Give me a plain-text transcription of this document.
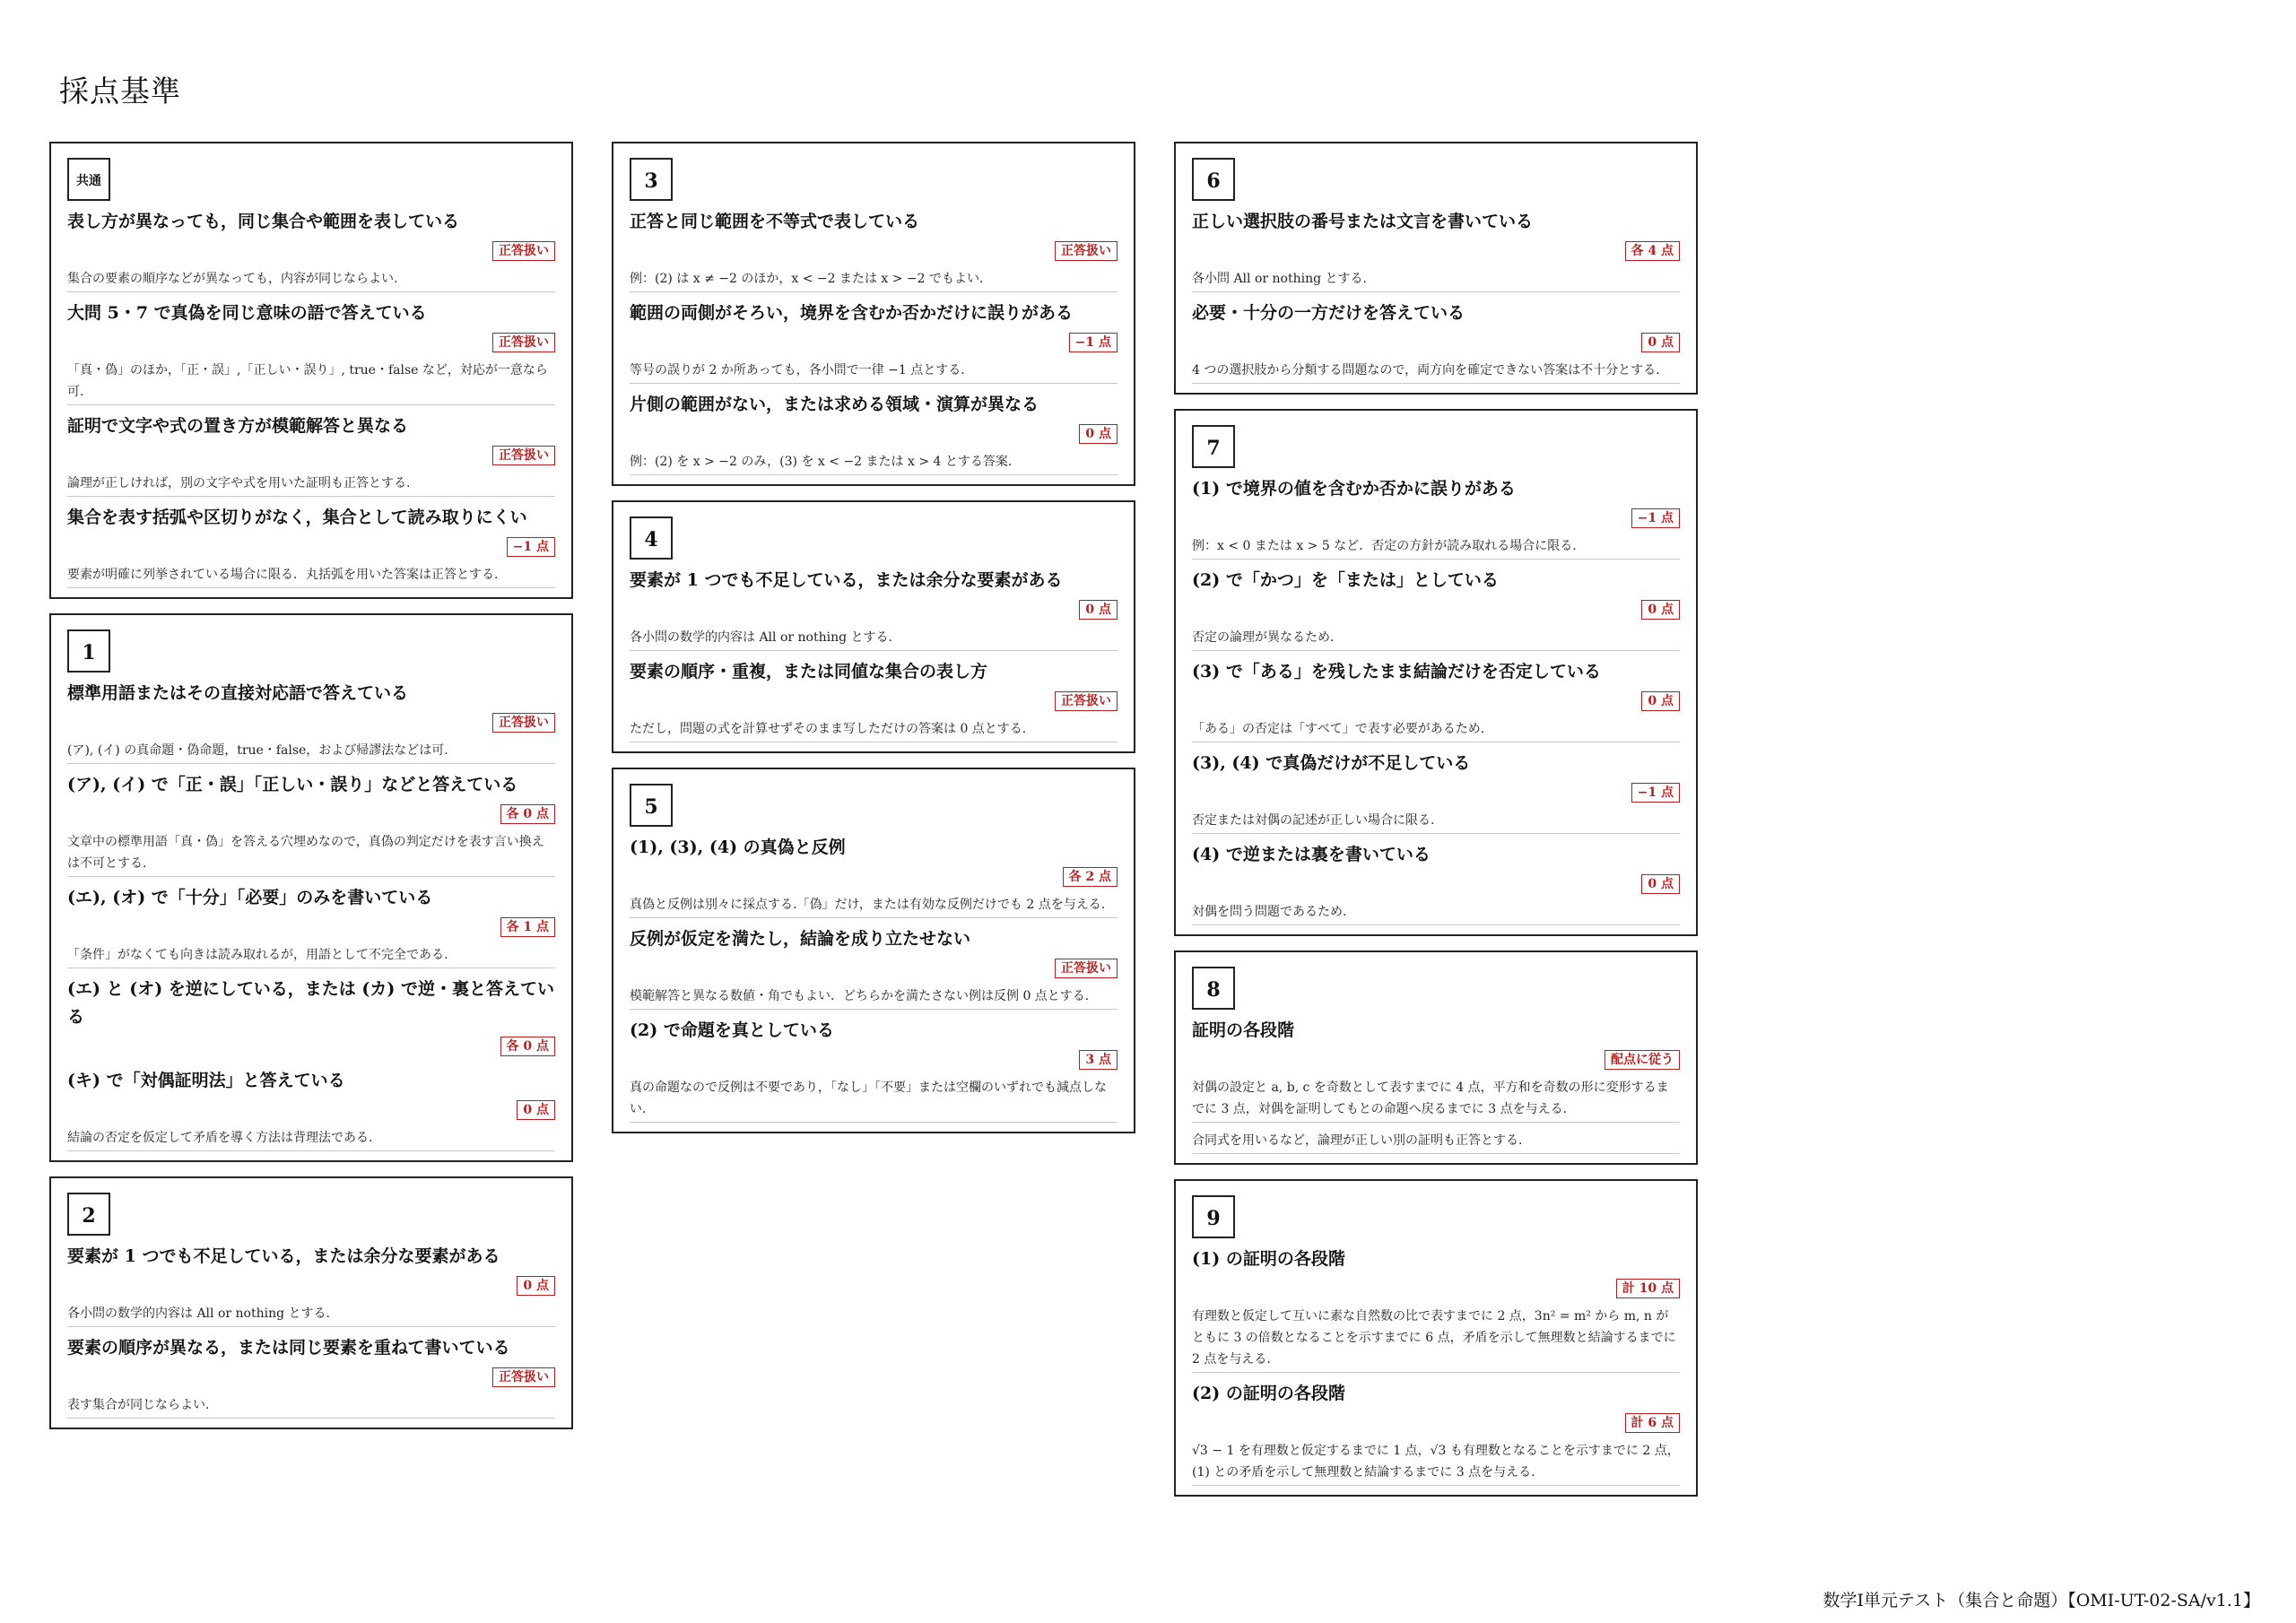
採点基準
共通
表し方が異なっても，同じ集合や範囲を表している
正答扱い
集合の要素の順序などが異なっても，内容が同じならよい.
大問 5・7 で真偽を同じ意味の語で答えている
正答扱い
「真・偽」のほか，「正・誤」,「正しい・誤り」, true・false など，対応が一意なら可.
証明で文字や式の置き方が模範解答と異なる
正答扱い
論理が正しければ，別の文字や式を用いた証明も正答とする.
集合を表す括弧や区切りがなく，集合として読み取りにくい
−1 点
要素が明確に列挙されている場合に限る．丸括弧を用いた答案は正答とする.
1
標準用語またはその直接対応語で答えている
正答扱い
(ア), (イ) の真命題・偽命題，true・false，および帰謬法などは可.
(ア), (イ) で「正・誤」「正しい・誤り」などと答えている
各 0 点
文章中の標準用語「真・偽」を答える穴埋めなので，真偽の判定だけを表す言い換えは不可とする.
(エ), (オ) で「十分」「必要」のみを書いている
各 1 点
「条件」がなくても向きは読み取れるが，用語として不完全である.
(エ) と (オ) を逆にしている，または (カ) で逆・裏と答えている
各 0 点
(キ) で「対偶証明法」と答えている
0 点
結論の否定を仮定して矛盾を導く方法は背理法である.
2
要素が 1 つでも不足している，または余分な要素がある
0 点
各小問の数学的内容は All or nothing とする.
要素の順序が異なる，または同じ要素を重ねて書いている
正答扱い
表す集合が同じならよい.
3
正答と同じ範囲を不等式で表している
正答扱い
例：(2) は x ≠ −2 のほか，x < −2 または x > −2 でもよい.
範囲の両側がそろい，境界を含むか否かだけに誤りがある
−1 点
等号の誤りが 2 か所あっても，各小問で一律 −1 点とする.
片側の範囲がない，または求める領域・演算が異なる
0 点
例：(2) を x > −2 のみ，(3) を x < −2 または x > 4 とする答案.
4
要素が 1 つでも不足している，または余分な要素がある
0 点
各小問の数学的内容は All or nothing とする.
要素の順序・重複，または同値な集合の表し方
正答扱い
ただし，問題の式を計算せずそのまま写しただけの答案は 0 点とする.
5
(1), (3), (4) の真偽と反例
各 2 点
真偽と反例は別々に採点する.「偽」だけ，または有効な反例だけでも 2 点を与える.
反例が仮定を満たし，結論を成り立たせない
正答扱い
模範解答と異なる数値・角でもよい．どちらかを満たさない例は反例 0 点とする.
(2) で命題を真としている
3 点
真の命題なので反例は不要であり，「なし」「不要」または空欄のいずれでも減点しない.
6
正しい選択肢の番号または文言を書いている
各 4 点
各小問 All or nothing とする.
必要・十分の一方だけを答えている
0 点
4 つの選択肢から分類する問題なので，両方向を確定できない答案は不十分とする.
7
(1) で境界の値を含むか否かに誤りがある
−1 点
例：x < 0 または x > 5 など．否定の方針が読み取れる場合に限る.
(2) で「かつ」を「または」としている
0 点
否定の論理が異なるため.
(3) で「ある」を残したまま結論だけを否定している
0 点
「ある」の否定は「すべて」で表す必要があるため.
(3), (4) で真偽だけが不足している
−1 点
否定または対偶の記述が正しい場合に限る.
(4) で逆または裏を書いている
0 点
対偶を問う問題であるため.
8
証明の各段階
配点に従う
対偶の設定と a, b, c を奇数として表すまでに 4 点，平方和を奇数の形に変形するまでに 3 点，対偶を証明してもとの命題へ戻るまでに 3 点を与える.
合同式を用いるなど，論理が正しい別の証明も正答とする.
9
(1) の証明の各段階
計 10 点
有理数と仮定して互いに素な自然数の比で表すまでに 2 点，3n² = m² から m, n がともに 3 の倍数となることを示すまでに 6 点，矛盾を示して無理数と結論するまでに 2 点を与える.
(2) の証明の各段階
計 6 点
√3 − 1 を有理数と仮定するまでに 1 点，√3 も有理数となることを示すまでに 2 点，(1) との矛盾を示して無理数と結論するまでに 3 点を与える.
数学Ⅰ単元テスト（集合と命題）【OMI-UT-02-SA/v1.1】
